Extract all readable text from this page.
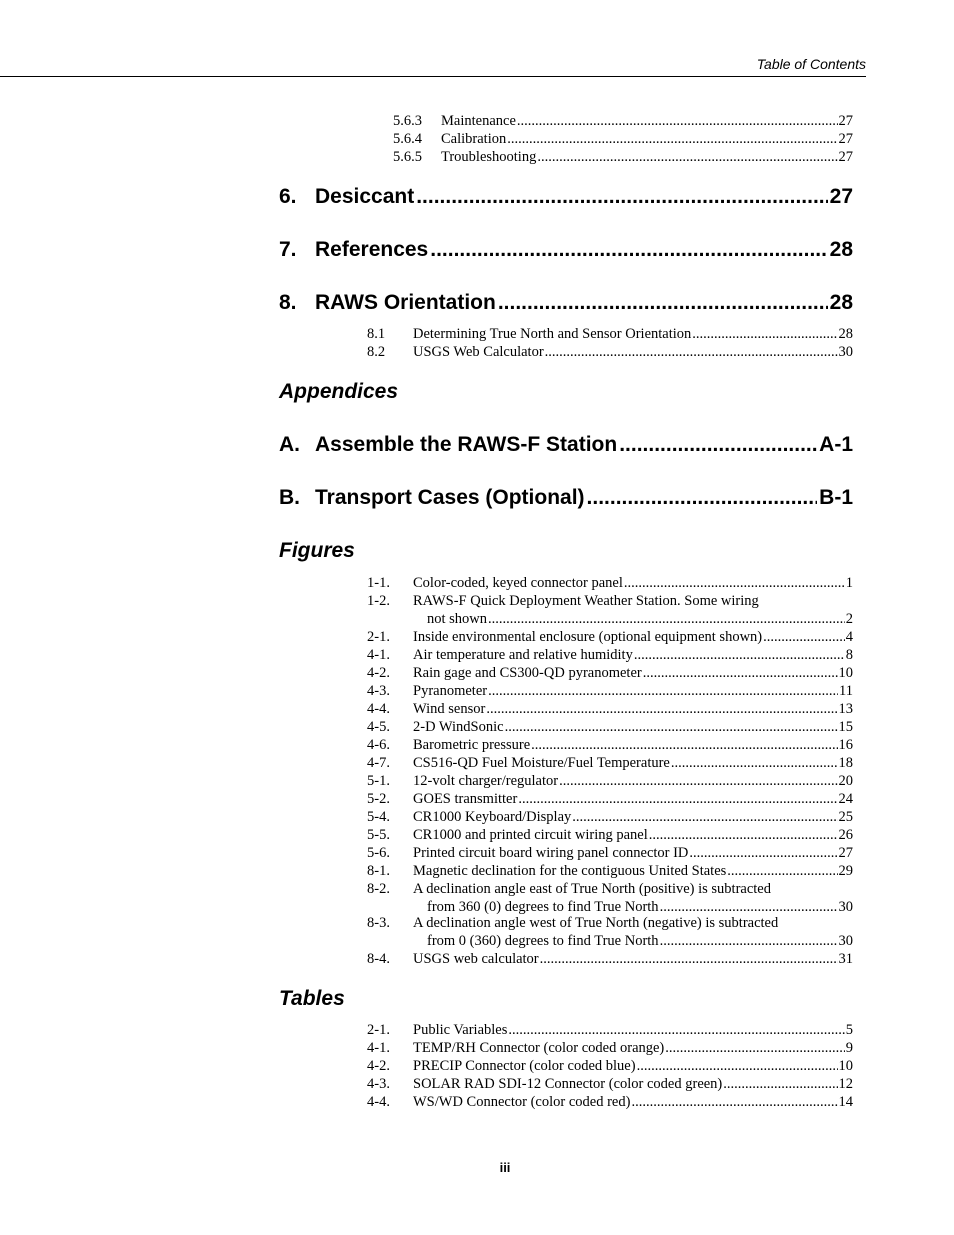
Table of Contents
5.6.3	Maintenance .....	27
5.6.4	Calibration .....	27
5.6.5	Troubleshooting .....	27
6. Desiccant .....	27
7. References .....	28
8. RAWS Orientation .....	28
8.1	Determining True North and Sensor Orientation .....	28
8.2	USGS Web Calculator .....	30
Appendices
A. Assemble the RAWS-F Station .....	A-1
B. Transport Cases (Optional) .....	B-1
Figures
1-1.	Color-coded, keyed connector panel .....	1
1-2.	RAWS-F Quick Deployment Weather Station. Some wiring
not shown .....	2
2-1.	Inside environmental enclosure (optional equipment shown) .....	4
4-1.	Air temperature and relative humidity .....	8
4-2.	Rain gage and CS300-QD pyranometer .....	10
4-3.	Pyranometer .....	11
4-4.	Wind sensor .....	13
4-5.	2-D WindSonic .....	15
4-6.	Barometric pressure .....	16
4-7.	CS516-QD Fuel Moisture/Fuel Temperature .....	18
5-1.	12-volt charger/regulator .....	20
5-2.	GOES transmitter .....	24
5-4.	CR1000 Keyboard/Display .....	25
5-5.	CR1000 and printed circuit wiring panel .....	26
5-6.	Printed circuit board wiring panel connector ID .....	27
8-1.	Magnetic declination for the contiguous United States .....	29
8-2.	A declination angle east of True North (positive) is subtracted
from 360 (0) degrees to find True North .....	30
8-3.	A declination angle west of True North (negative) is subtracted
from 0 (360) degrees to find True North .....	30
8-4.	USGS web calculator .....	31
Tables
2-1.	Public Variables .....	5
4-1.	TEMP/RH Connector (color coded orange) .....	9
4-2.	PRECIP Connector (color coded blue) .....	10
4-3.	SOLAR RAD SDI-12 Connector (color coded green) .....	12
4-4.	WS/WD Connector (color coded red) .....	14
iii
